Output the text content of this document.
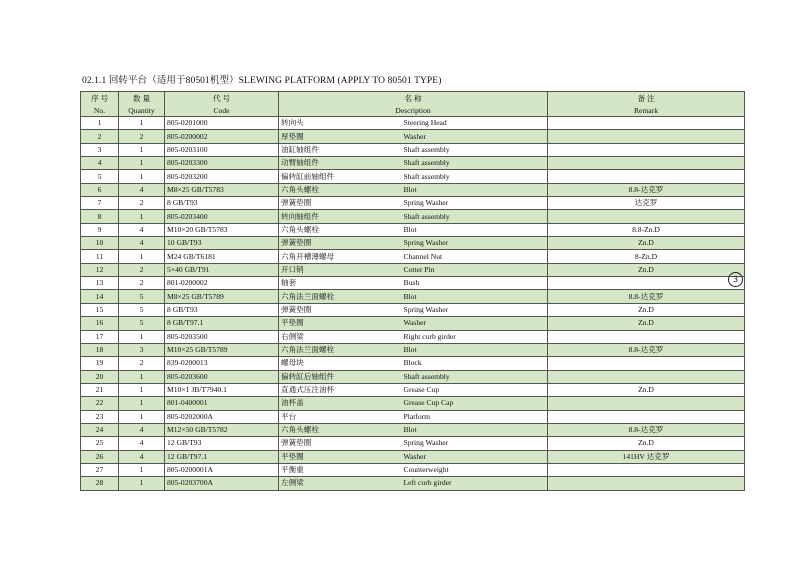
02.1.1 回转平台（适用于80501机型）SLEWING PLATFORM (APPLY TO 80501 TYPE)
序 号	数 量	代 号	名 称		备 注
No.	Quantity	Code	Description		Remark
1	1	805-0201000	转向头	Steering Head	
2	2	805-0200002	厚垫圈	Washer	
3	1	805-0203100	油缸轴组件	Shaft assembly	
4	1	805-0203300	动臂轴组件	Shaft assembly	
5	1	805-0203200	偏转缸前轴组件	Shaft assembly	
6	4	M8×25 GB/T5783	六角头螺栓	Blot	8.8-达克罗
7	2	8 GB/T93	弹簧垫圈	Spring Washer	达克罗
8	1	805-0203400	转向轴组件	Shaft assembly	
9	4	M10×20 GB/T5783	六角头螺栓	Blot	8.8-Zn.D
10	4	10 GB/T93	弹簧垫圈	Spring Washer	Zn.D
11	1	M24 GB/T6181	六角开槽薄螺母	Channel Nut	8-Zn.D
12	2	5×40 GB/T91	开口销	Cotter Pin	Zn.D
13	2	801-0200002	轴套	Bush	
14	5	M8×25 GB/T5789	六角法兰面螺栓	Blot	8.8-达克罗
15	5	8 GB/T93	弹簧垫圈	Spring Washer	Zn.D
16	5	8 GB/T97.1	平垫圈	Washer	Zn.D
17	1	805-0203500	右侧梁	Right curb girder	
18	3	M10×25 GB/T5789	六角法兰面螺栓	Blot	8.8-达克罗
19	2	839-0200013	螺母块	Block	
20	1	805-0203600	偏转缸后轴组件	Shaft assembly	
21	1	M10×1 JB/T7940.1	直通式压注油杯	Grease Cup	Zn.D
22	1	801-0400001	油杯盖	Grease Cup Cap	
23	1	805-0202000A	平台	Platform	
24	4	M12×50 GB/T5782	六角头螺栓	Blot	8.8-达克罗
25	4	12 GB/T93	弹簧垫圈	Spring Washer	Zn.D
26	4	12 GB/T97.1	平垫圈	Washer	141HV 达克罗
27	1	805-0200001A	平衡重	Counterweight	
28	1	805-0203700A	左侧梁	Left curb girder	
3
